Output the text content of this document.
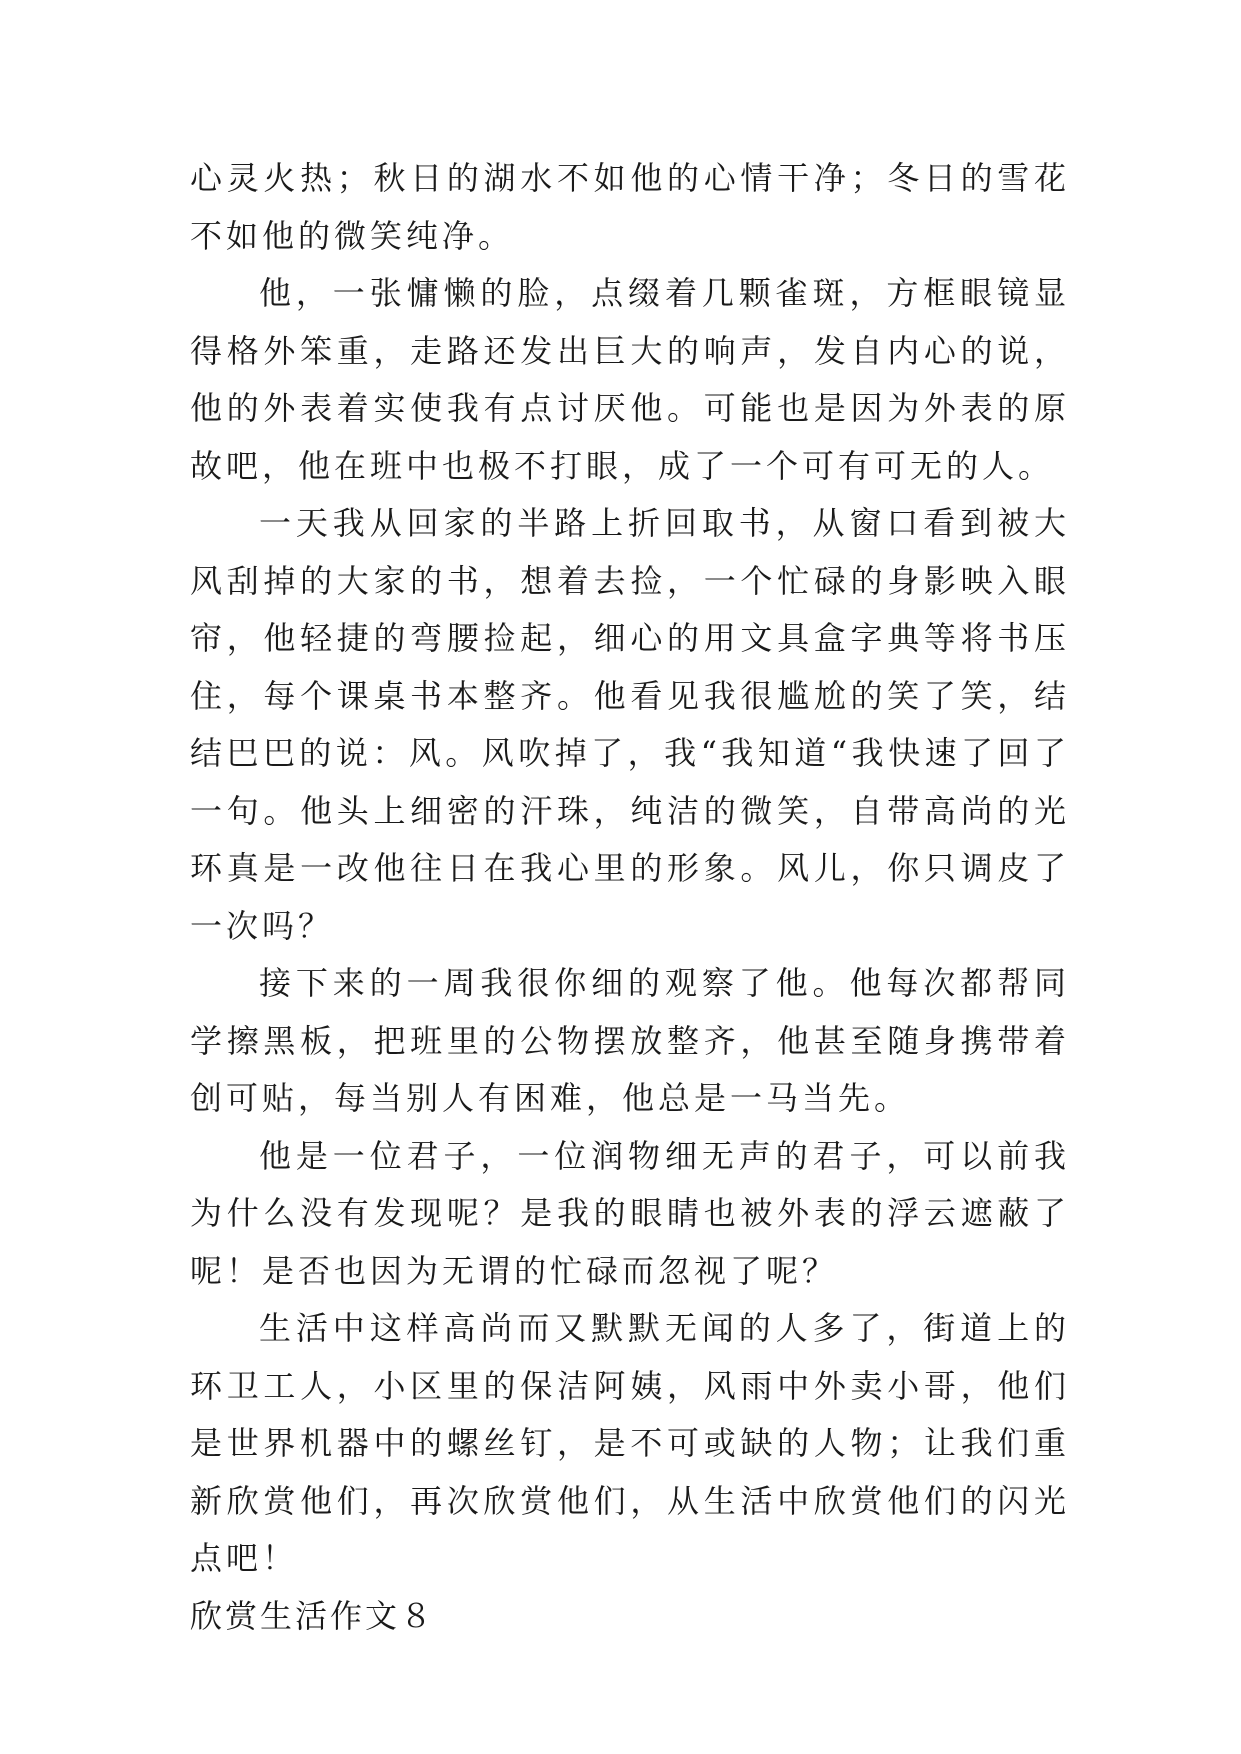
心灵火热；秋日的湖水不如他的心情干净；冬日的雪花不如他的微笑纯净。

他，一张慵懒的脸，点缀着几颗雀斑，方框眼镜显得格外笨重，走路还发出巨大的响声，发自内心的说，他的外表着实使我有点讨厌他。可能也是因为外表的原故吧，他在班中也极不打眼，成了一个可有可无的人。

一天我从回家的半路上折回取书，从窗口看到被大风刮掉的大家的书，想着去捡，一个忙碌的身影映入眼帘，他轻捷的弯腰捡起，细心的用文具盒字典等将书压住，每个课桌书本整齐。他看见我很尴尬的笑了笑，结结巴巴的说：风。风吹掉了，我“我知道“我快速了回了一句。他头上细密的汗珠，纯洁的微笑，自带高尚的光环真是一改他往日在我心里的形象。风儿，你只调皮了一次吗？

接下来的一周我很你细的观察了他。他每次都帮同学擦黑板，把班里的公物摆放整齐，他甚至随身携带着创可贴，每当别人有困难，他总是一马当先。

他是一位君子，一位润物细无声的君子，可以前我为什么没有发现呢？是我的眼睛也被外表的浮云遮蔽了呢！是否也因为无谓的忙碌而忽视了呢？

生活中这样高尚而又默默无闻的人多了，街道上的环卫工人，小区里的保洁阿姨，风雨中外卖小哥，他们是世界机器中的螺丝钉，是不可或缺的人物；让我们重新欣赏他们，再次欣赏他们，从生活中欣赏他们的闪光点吧！

欣赏生活作文８
